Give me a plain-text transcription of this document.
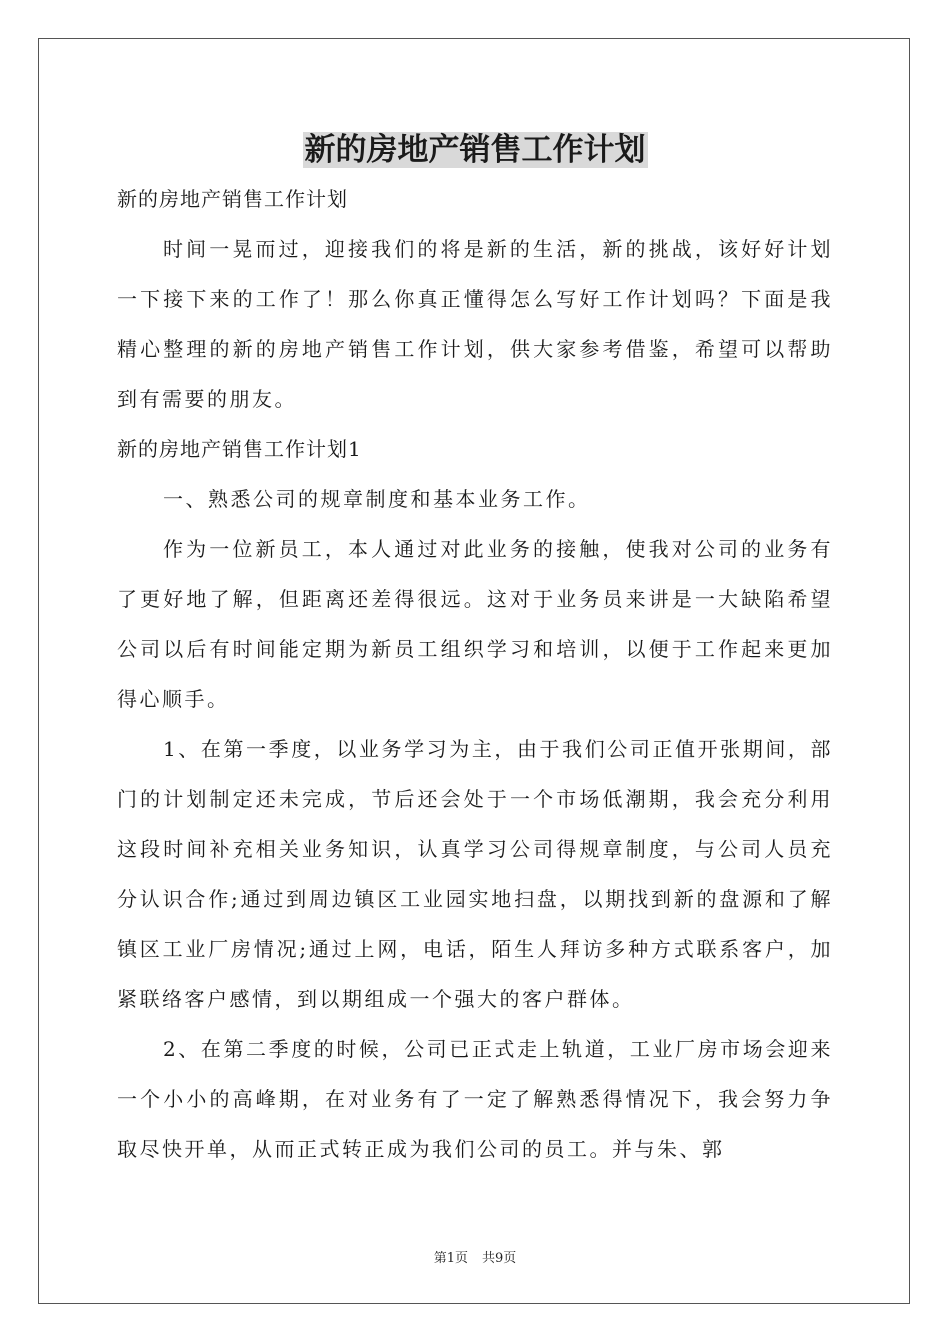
新的房地产销售工作计划

新的房地产销售工作计划

时间一晃而过，迎接我们的将是新的生活，新的挑战，该好好计划一下接下来的工作了！那么你真正懂得怎么写好工作计划吗？下面是我精心整理的新的房地产销售工作计划，供大家参考借鉴，希望可以帮助到有需要的朋友。

新的房地产销售工作计划1

一、熟悉公司的规章制度和基本业务工作。

作为一位新员工，本人通过对此业务的接触，使我对公司的业务有了更好地了解，但距离还差得很远。这对于业务员来讲是一大缺陷希望公司以后有时间能定期为新员工组织学习和培训，以便于工作起来更加得心顺手。

1、在第一季度，以业务学习为主，由于我们公司正值开张期间，部门的计划制定还未完成，节后还会处于一个市场低潮期，我会充分利用这段时间补充相关业务知识，认真学习公司得规章制度，与公司人员充分认识合作;通过到周边镇区工业园实地扫盘，以期找到新的盘源和了解镇区工业厂房情况;通过上网，电话，陌生人拜访多种方式联系客户，加紧联络客户感情，到以期组成一个强大的客户群体。

2、在第二季度的时候，公司已正式走上轨道，工业厂房市场会迎来一个小小的高峰期，在对业务有了一定了解熟悉得情况下，我会努力争取尽快开单，从而正式转正成为我们公司的员工。并与朱、郭

第1页 共9页
